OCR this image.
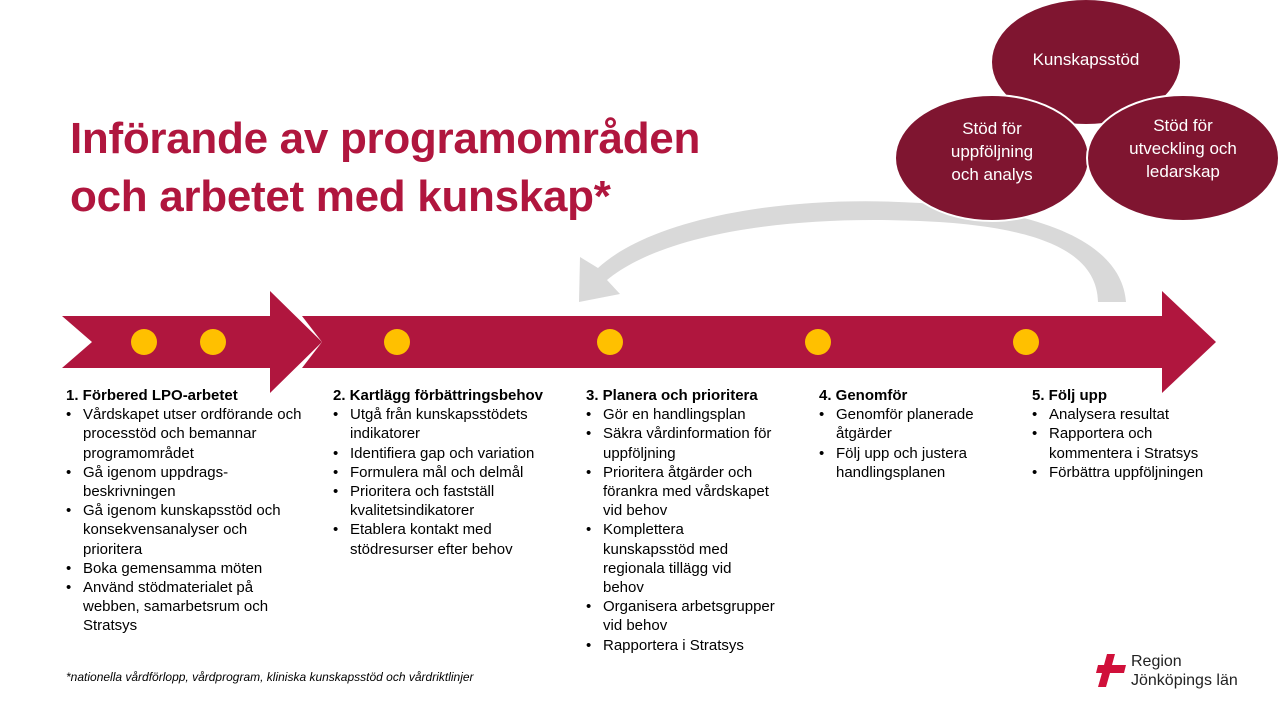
Införande av programområden
och arbetet med kunskap*
Kunskapsstöd
Stöd för
uppföljning
och analys
Stöd för
utveckling och
ledarskap
1. Förbered LPO-arbetet
• Vårdskapet utser ordförande och processtöd och bemannar programområdet
• Gå igenom uppdrags-beskrivningen
• Gå igenom kunskapsstöd och konsekvensanalyser och prioritera
• Boka gemensamma möten
• Använd stödmaterialet på webben, samarbetsrum och Stratsys
2. Kartlägg förbättringsbehov
• Utgå från kunskapsstödets indikatorer
• Identifiera gap och variation
• Formulera mål och delmål
• Prioritera och fastställ kvalitetsindikatorer
• Etablera kontakt med stödresurser efter behov
3. Planera och prioritera
• Gör en handlingsplan
• Säkra vårdinformation för uppföljning
• Prioritera åtgärder och förankra med vårdskapet vid behov
• Komplettera kunskapsstöd med regionala tillägg vid behov
• Organisera arbetsgrupper vid behov
• Rapportera i Stratsys
4. Genomför
• Genomför planerade åtgärder
• Följ upp och justera handlingsplanen
5. Följ upp
• Analysera resultat
• Rapportera och kommentera i Stratsys
• Förbättra uppföljningen
*nationella vårdförlopp, vårdprogram, kliniska kunskapsstöd och vårdriktlinjer
Region
Jönköpings län
